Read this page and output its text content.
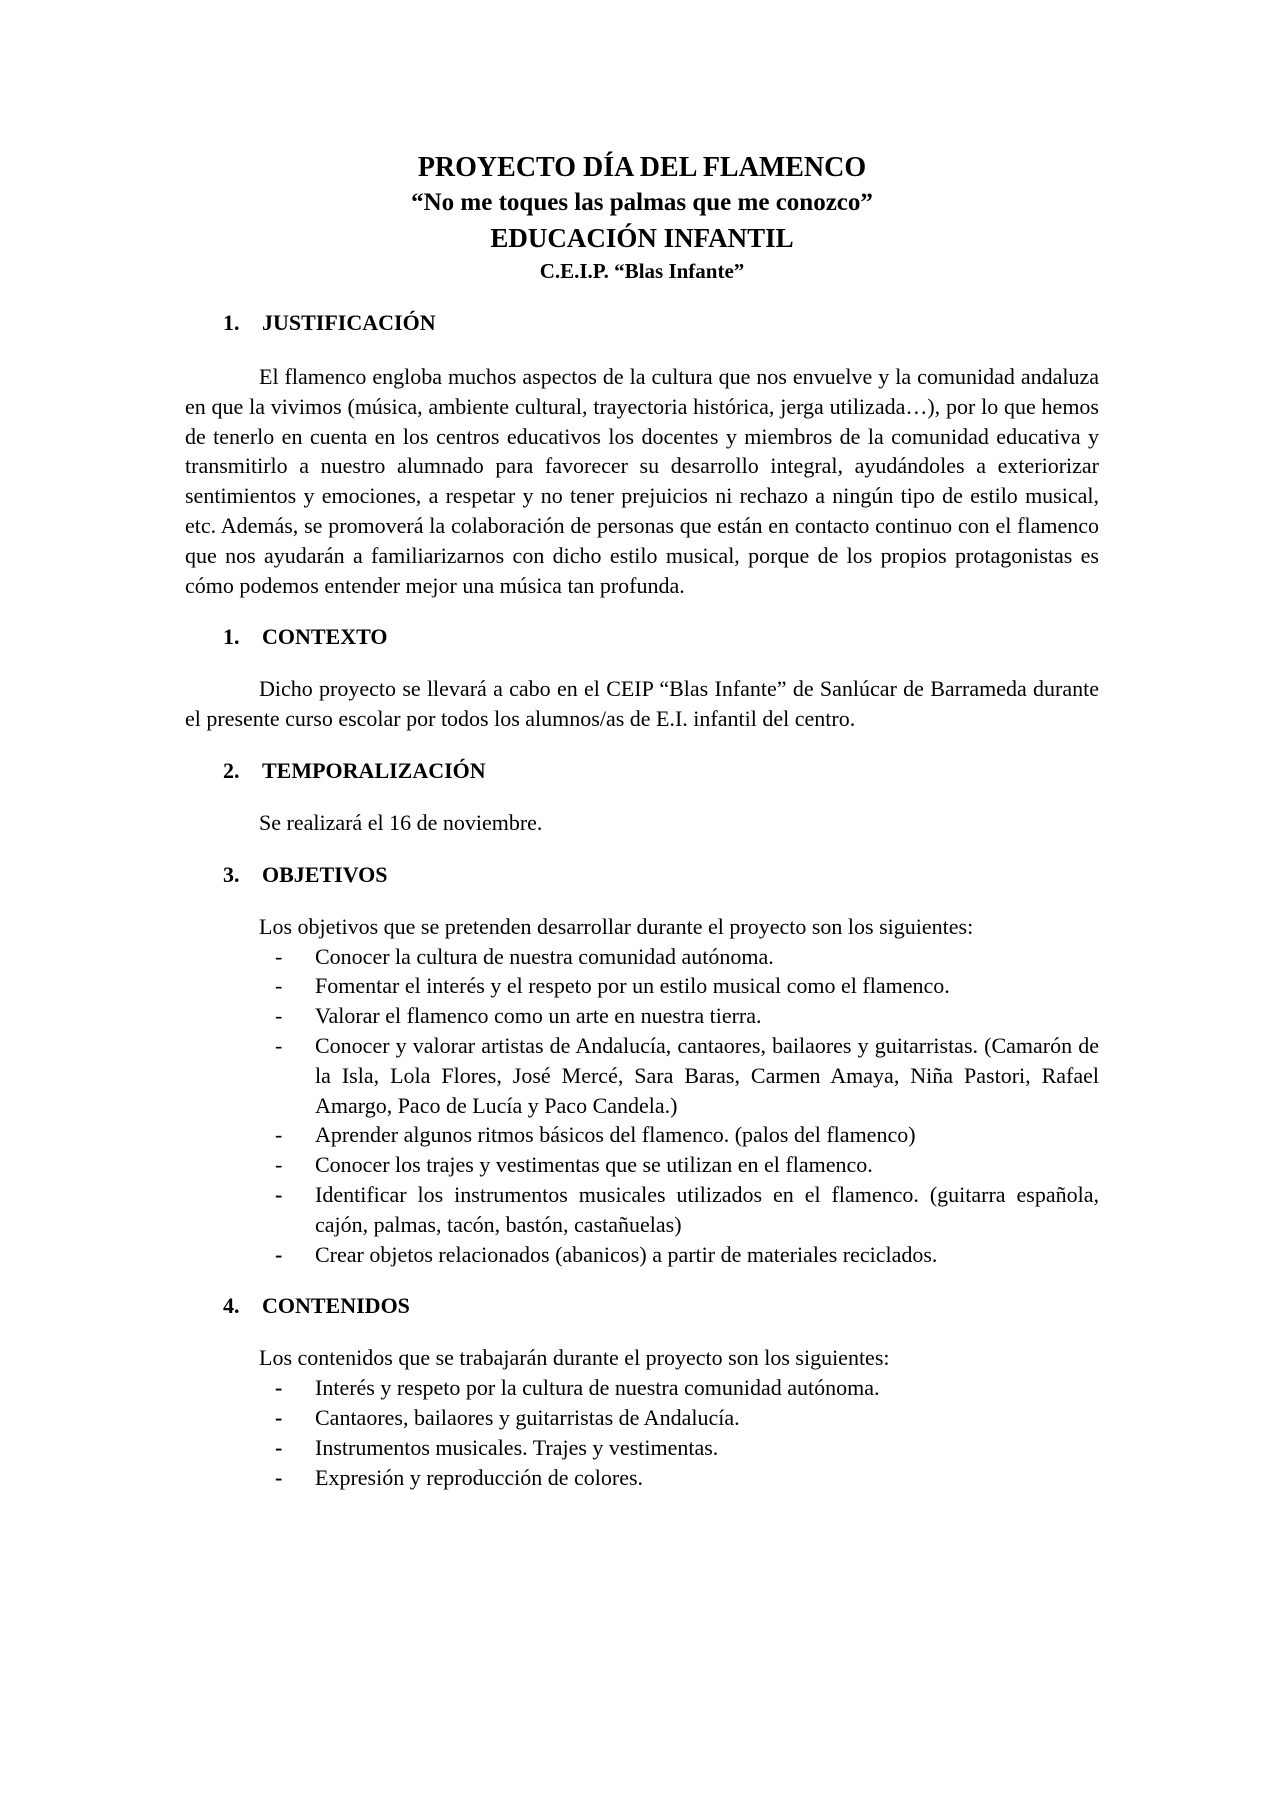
PROYECTO DÍA DEL FLAMENCO
“No me toques las palmas que me conozco”
EDUCACIÓN INFANTIL
C.E.I.P. “Blas Infante”
1.	JUSTIFICACIÓN

El flamenco engloba muchos aspectos de la cultura que nos envuelve y la comunidad andaluza en que la vivimos (música, ambiente cultural, trayectoria histórica, jerga utilizada…), por lo que hemos de tenerlo en cuenta en los centros educativos los docentes y miembros de la comunidad educativa y transmitirlo a nuestro alumnado para favorecer su desarrollo integral, ayudándoles a exteriorizar sentimientos y emociones, a respetar y no tener prejuicios ni rechazo a ningún tipo de estilo musical, etc. Además, se promoverá la colaboración de personas que están en contacto continuo con el flamenco que nos ayudarán a familiarizarnos con dicho estilo musical, porque de los propios protagonistas es cómo podemos entender mejor una música tan profunda.

1.	CONTEXTO

Dicho proyecto se llevará a cabo en el CEIP “Blas Infante” de Sanlúcar de Barrameda durante el presente curso escolar por todos los alumnos/as de E.I. infantil del centro.

2.	TEMPORALIZACIÓN

Se realizará el 16 de noviembre.

3.	OBJETIVOS

Los objetivos que se pretenden desarrollar durante el proyecto son los siguientes:

- Conocer la cultura de nuestra comunidad autónoma.
- Fomentar el interés y el respeto por un estilo musical como el flamenco.
- Valorar el flamenco como un arte en nuestra tierra.
- Conocer y valorar artistas de Andalucía, cantaores, bailaores y guitarristas. (Camarón de la Isla, Lola Flores, José Mercé, Sara Baras, Carmen Amaya, Niña Pastori, Rafael Amargo, Paco de Lucía y Paco Candela.)
- Aprender algunos ritmos básicos del flamenco. (palos del flamenco)
- Conocer los trajes y vestimentas que se utilizan en el flamenco.
- Identificar los instrumentos musicales utilizados en el flamenco. (guitarra española, cajón, palmas, tacón, bastón, castañuelas)
- Crear objetos relacionados (abanicos) a partir de materiales reciclados.
4.	CONTENIDOS

Los contenidos que se trabajarán durante el proyecto son los siguientes:

- Interés y respeto por la cultura de nuestra comunidad autónoma.
- Cantaores, bailaores y guitarristas de Andalucía.
- Instrumentos musicales. Trajes y vestimentas.
- Expresión y reproducción de colores.
